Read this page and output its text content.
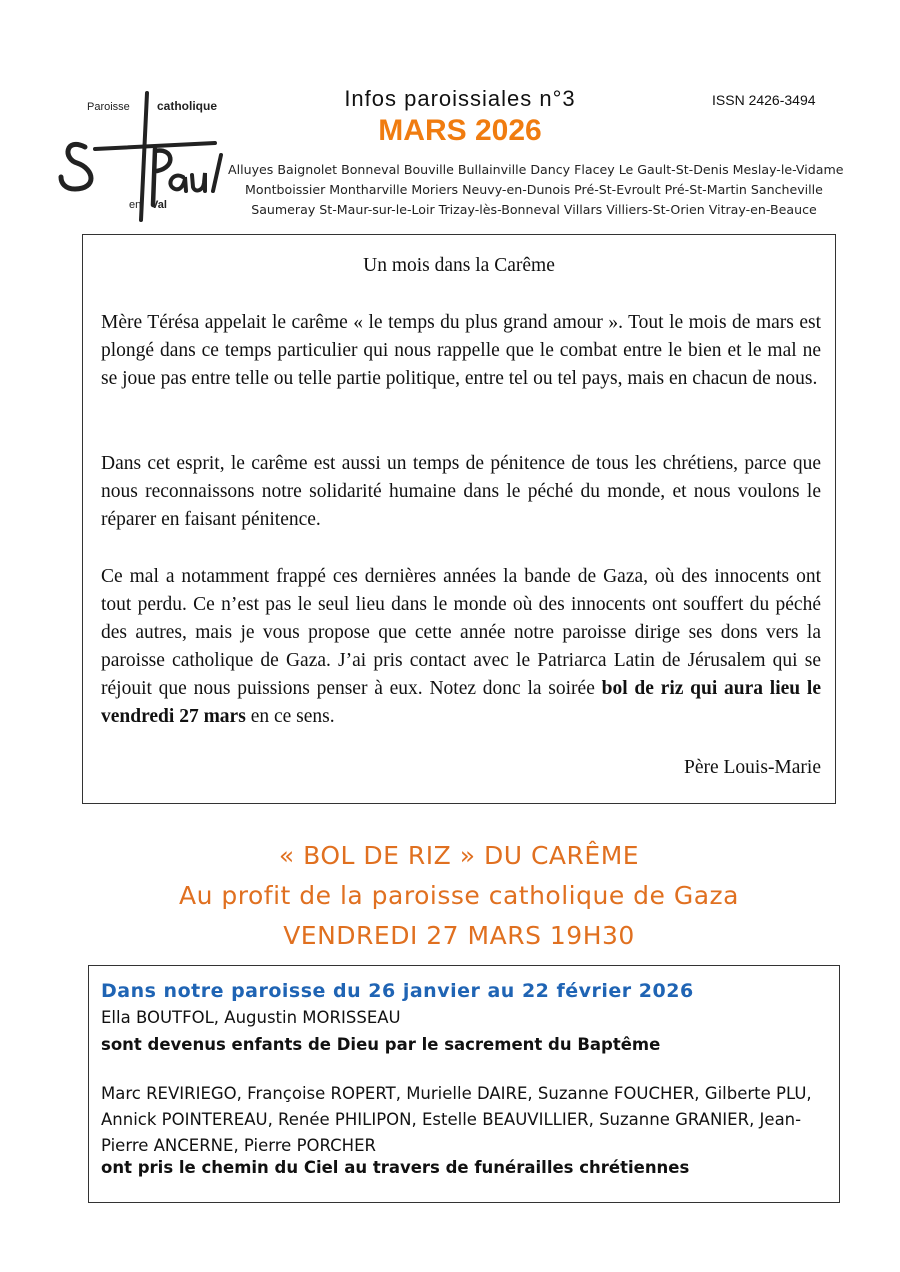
Paroisse catholique
en Val
Infos paroissiales n°3
MARS 2026
ISSN 2426-3494
Alluyes Baignolet Bonneval Bouville Bullainville Dancy Flacey Le Gault-St-Denis Meslay-le-Vidame
Montboissier Montharville Moriers Neuvy-en-Dunois Pré-St-Evroult Pré-St-Martin Sancheville
Saumeray St-Maur-sur-le-Loir Trizay-lès-Bonneval Villars Villiers-St-Orien Vitray-en-Beauce
Un mois dans la Carême

Mère Térésa appelait le carême « le temps du plus grand amour ». Tout le mois de mars est plongé dans ce temps particulier qui nous rappelle que le combat entre le bien et le mal ne se joue pas entre telle ou telle partie politique, entre tel ou tel pays, mais en chacun de nous.

Dans cet esprit, le carême est aussi un temps de pénitence de tous les chrétiens, parce que nous reconnaissons notre solidarité humaine dans le péché du monde, et nous voulons le réparer en faisant pénitence.

Ce mal a notamment frappé ces dernières années la bande de Gaza, où des innocents ont tout perdu. Ce n’est pas le seul lieu dans le monde où des innocents ont souffert du péché des autres, mais je vous propose que cette année notre paroisse dirige ses dons vers la paroisse catholique de Gaza. J’ai pris contact avec le Patriarca Latin de Jérusalem qui se réjouit que nous puissions penser à eux. Notez donc la soirée bol de riz qui aura lieu le vendredi 27 mars en ce sens.

Père Louis-Marie
« BOL DE RIZ » DU CARÊME
Au profit de la paroisse catholique de Gaza
VENDREDI 27 MARS 19H30
Dans notre paroisse du 26 janvier au 22 février 2026
Ella BOUTFOL, Augustin MORISSEAU
sont devenus enfants de Dieu par le sacrement du Baptême
Marc REVIRIEGO, Françoise ROPERT, Murielle DAIRE, Suzanne FOUCHER, Gilberte PLU, Annick POINTEREAU, Renée PHILIPON, Estelle BEAUVILLIER, Suzanne GRANIER, Jean-Pierre ANCERNE, Pierre PORCHER
ont pris le chemin du Ciel au travers de funérailles chrétiennes
